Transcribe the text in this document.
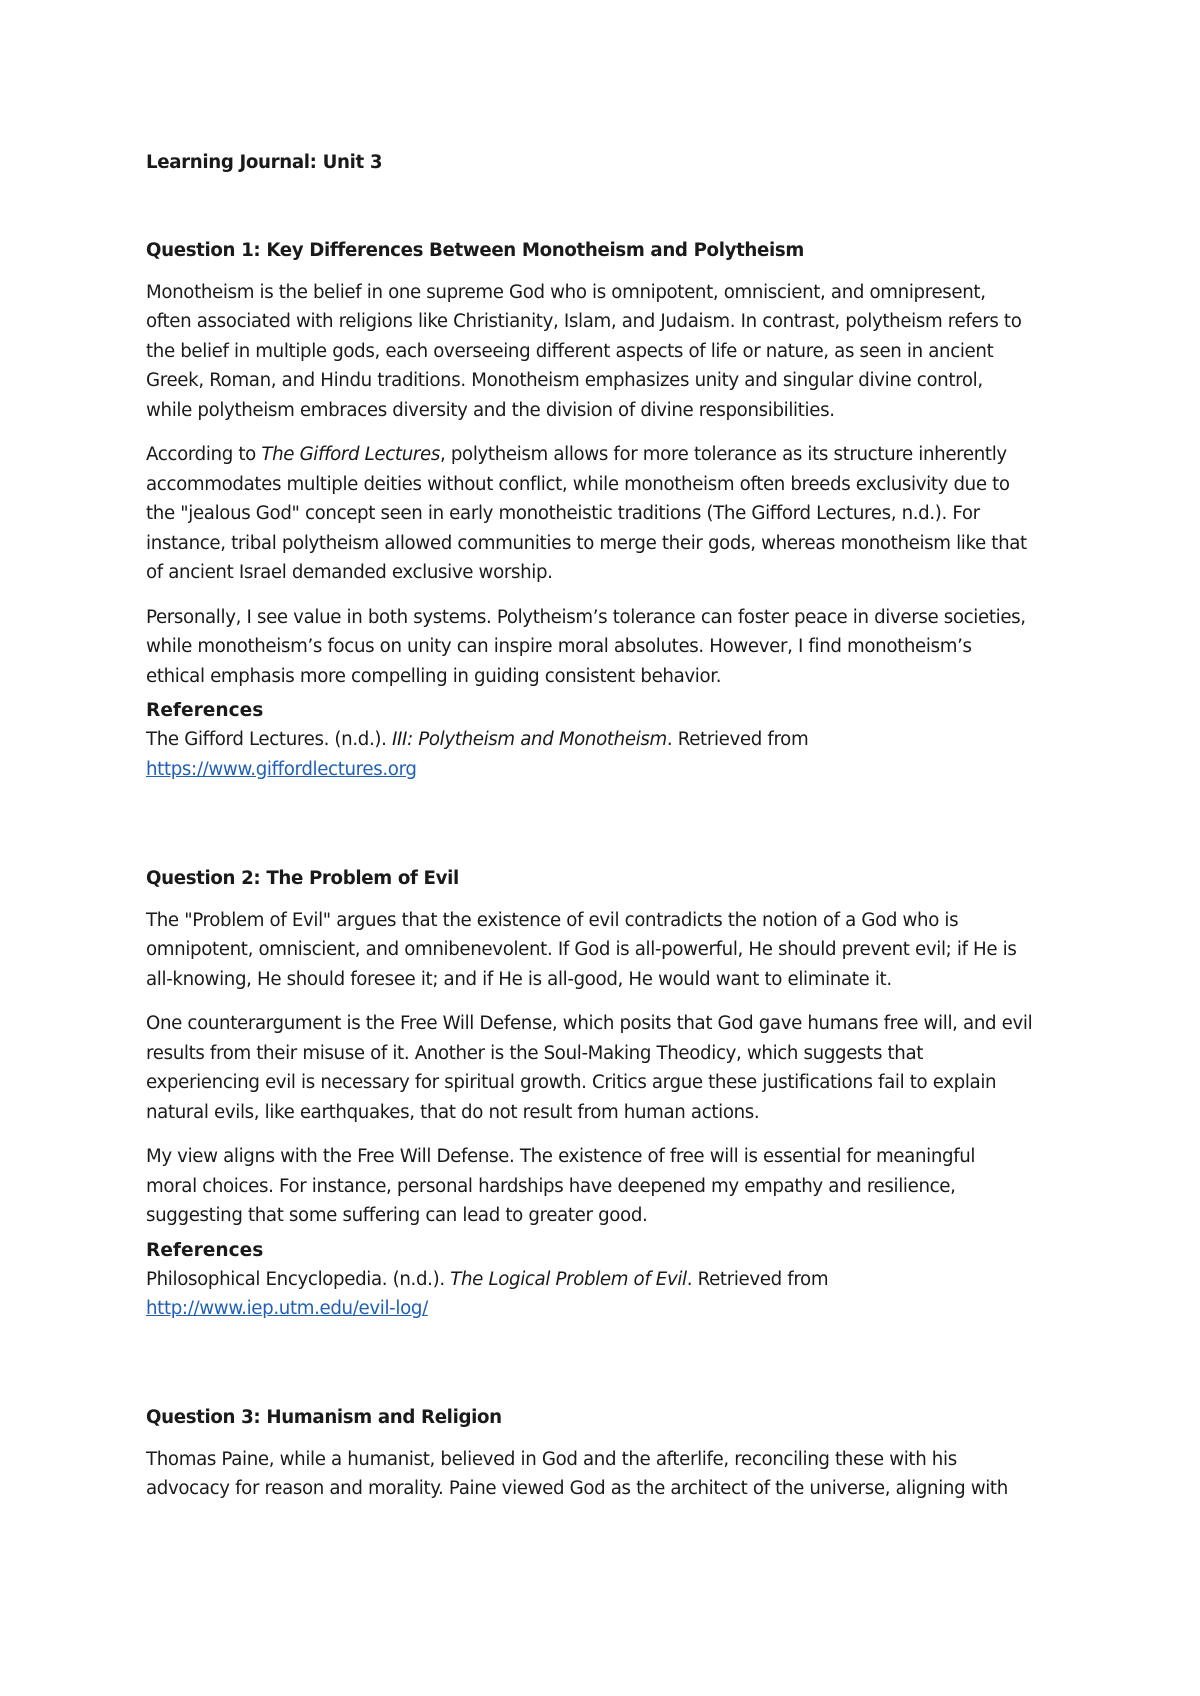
Learning Journal: Unit 3
Question 1: Key Differences Between Monotheism and Polytheism

Monotheism is the belief in one supreme God who is omnipotent, omniscient, and omnipresent,
often associated with religions like Christianity, Islam, and Judaism. In contrast, polytheism refers to
the belief in multiple gods, each overseeing different aspects of life or nature, as seen in ancient
Greek, Roman, and Hindu traditions. Monotheism emphasizes unity and singular divine control,
while polytheism embraces diversity and the division of divine responsibilities.

According to The Gifford Lectures, polytheism allows for more tolerance as its structure inherently
accommodates multiple deities without conflict, while monotheism often breeds exclusivity due to
the "jealous God" concept seen in early monotheistic traditions (The Gifford Lectures, n.d.). For
instance, tribal polytheism allowed communities to merge their gods, whereas monotheism like that
of ancient Israel demanded exclusive worship.

Personally, I see value in both systems. Polytheism’s tolerance can foster peace in diverse societies,
while monotheism’s focus on unity can inspire moral absolutes. However, I find monotheism’s
ethical emphasis more compelling in guiding consistent behavior.

References

The Gifford Lectures. (n.d.). III: Polytheism and Monotheism. Retrieved from
https://www.giffordlectures.org

Question 2: The Problem of Evil

The "Problem of Evil" argues that the existence of evil contradicts the notion of a God who is
omnipotent, omniscient, and omnibenevolent. If God is all-powerful, He should prevent evil; if He is
all-knowing, He should foresee it; and if He is all-good, He would want to eliminate it.

One counterargument is the Free Will Defense, which posits that God gave humans free will, and evil
results from their misuse of it. Another is the Soul-Making Theodicy, which suggests that
experiencing evil is necessary for spiritual growth. Critics argue these justifications fail to explain
natural evils, like earthquakes, that do not result from human actions.

My view aligns with the Free Will Defense. The existence of free will is essential for meaningful
moral choices. For instance, personal hardships have deepened my empathy and resilience,
suggesting that some suffering can lead to greater good.

References

Philosophical Encyclopedia. (n.d.). The Logical Problem of Evil. Retrieved from
http://www.iep.utm.edu/evil-log/

Question 3: Humanism and Religion

Thomas Paine, while a humanist, believed in God and the afterlife, reconciling these with his
advocacy for reason and morality. Paine viewed God as the architect of the universe, aligning with
